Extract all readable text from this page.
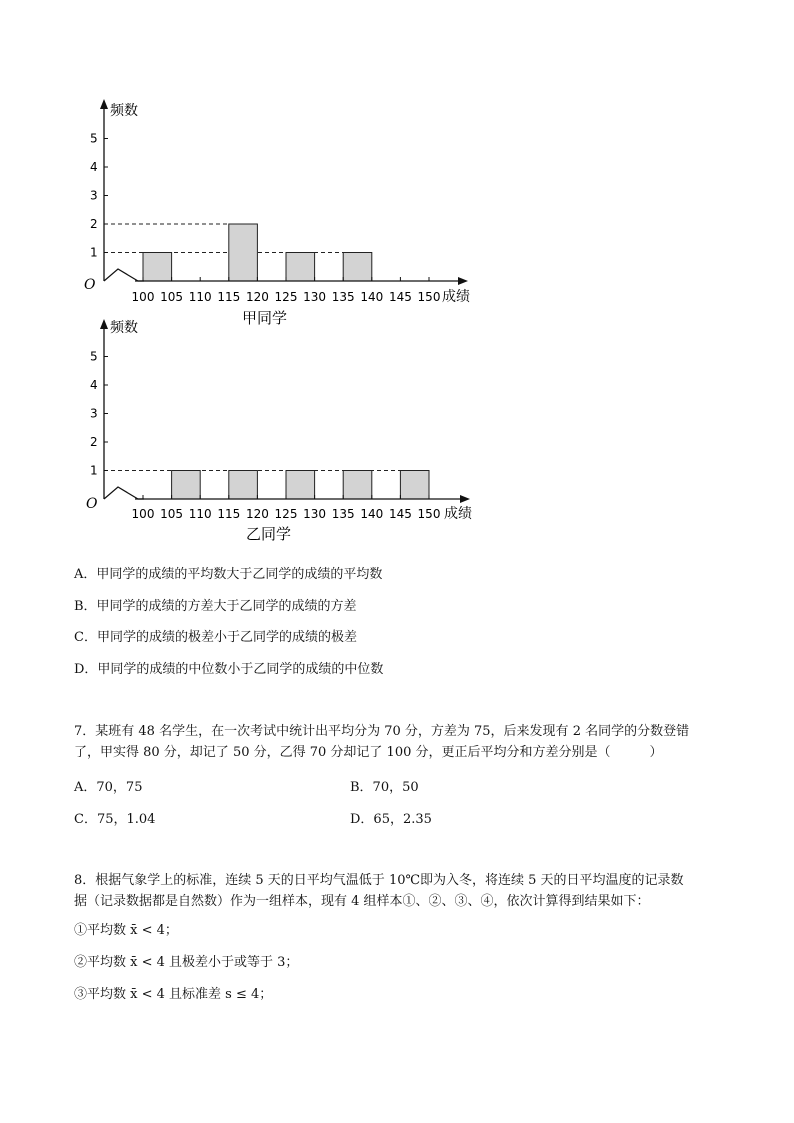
1
2
3
4
5
100 105 110 115 120 125 130 135 140 145 150
频数
成绩
O
甲同学
1
2
3
4
5
100 105 110 115 120 125 130 135 140 145 150
频数
成绩
O
乙同学
A．甲同学的成绩的平均数大于乙同学的成绩的平均数
B．甲同学的成绩的方差大于乙同学的成绩的方差
C．甲同学的成绩的极差小于乙同学的成绩的极差
D．甲同学的成绩的中位数小于乙同学的成绩的中位数
7．某班有 48 名学生，在一次考试中统计出平均分为 70 分，方差为 75，后来发现有 2 名同学的分数登错
了，甲实得 80 分，却记了 50 分，乙得 70 分却记了 100 分，更正后平均分和方差分别是（　　　）
A．70，75	B．70，50
C．75，1.04	D．65，2.35
8．根据气象学上的标准，连续 5 天的日平均气温低于 10℃即为入冬，将连续 5 天的日平均温度的记录数
据（记录数据都是自然数）作为一组样本，现有 4 组样本①、②、③、④，依次计算得到结果如下：
①平均数 x̄ < 4；
②平均数 x̄ < 4 且极差小于或等于 3；
③平均数 x̄ < 4 且标准差 s ≤ 4；
